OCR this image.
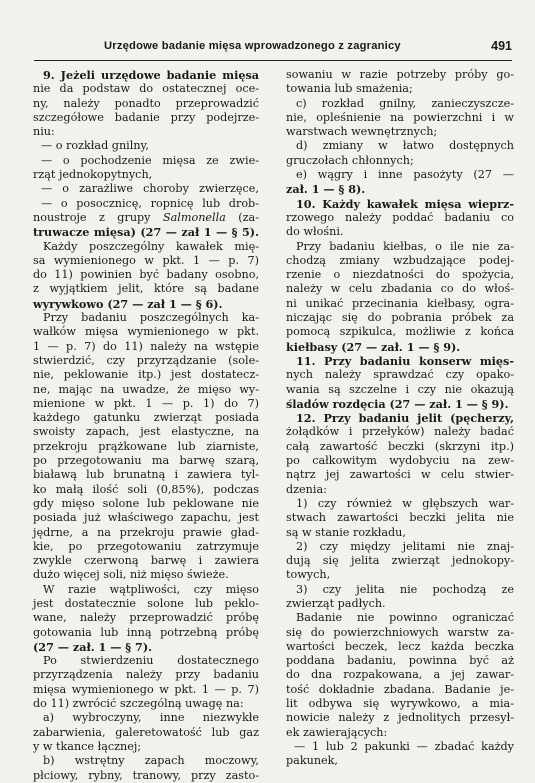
Urzędowe badanie mięsa wprowadzonego z zagranicy	491
9. Jeżeli urzędowe badanie mięsa
nie da podstaw do ostatecznej oce-
ny, należy ponadto przeprowadzić
szczegółowe badanie przy podejrze-
niu:
— o rozkład gnilny,
— o pochodzenie mięsa ze zwie-
rząt jednokopytnych,
— o zarażliwe choroby zwierzęce,
— o posocznicę, ropnicę lub drob-
noustroje z grupy Salmonella (za-
truwacze mięsa) (27 — zał 1 — § 5).
Każdy poszczególny kawałek mię-
sa wymienionego w pkt. 1 — p. 7)
do 11) powinien być badany osobno,
z wyjątkiem jelit, które są badane
wyrywkowo (27 — zał 1 — § 6).
Przy badaniu poszczególnych ka-
wałków mięsa wymienionego w pkt.
1 — p. 7) do 11) należy na wstępie
stwierdzić, czy przyrządzanie (sole-
nie, peklowanie itp.) jest dostatecz-
ne, mając na uwadze, że mięso wy-
mienione w pkt. 1 — p. 1) do 7)
każdego gatunku zwierząt posiada
swoisty zapach, jest elastyczne, na
przekroju prążkowane lub ziarniste,
po przegotowaniu ma barwę szarą,
białawą lub brunatną i zawiera tyl-
ko małą ilość soli (0,85%), podczas
gdy mięso solone lub peklowane nie
posiada już właściwego zapachu, jest
jędrne, a na przekroju prawie gład-
kie, po przegotowaniu zatrzymuje
zwykle czerwoną barwę i zawiera
dużo więcej soli, niż mięso świeże.
W razie wątpliwości, czy mięso
jest dostatecznie solone lub peklo-
wane, należy przeprowadzić próbę
gotowania lub inną potrzebną próbę
(27 — zał. 1 — § 7).
Po stwierdzeniu dostatecznego
przyrządzenia należy przy badaniu
mięsa wymienionego w pkt. 1 — p. 7)
do 11) zwrócić szczególną uwagę na:
a) wybroczyny, inne niezwykłe
zabarwienia, galeretowatość lub gaz
y w tkance łącznej;
b) wstrętny zapach moczowy,
płciowy, rybny, tranowy, przy zasto-
sowaniu w razie potrzeby próby go-
towania lub smażenia;
c) rozkład gnilny, zanieczyszcze-
nie, opleśnienie na powierzchni i w
warstwach wewnętrznych;
d) zmiany w łatwo dostępnych
gruczołach chłonnych;
e) wągry i inne pasożyty (27 —
zał. 1 — § 8).
10. Każdy kawałek mięsa wieprz-
rzowego należy poddać badaniu co
do włośni.
Przy badaniu kiełbas, o ile nie za-
chodzą zmiany wzbudzające podej-
rzenie o niezdatności do spożycia,
należy w celu zbadania co do włoś-
ni unikać przecinania kiełbasy, ogra-
niczając się do pobrania próbek za
pomocą szpikulca, możliwie z końca
kiełbasy (27 — zał. 1 — § 9).
11. Przy badaniu konserw mięs-
nych należy sprawdzać czy opako-
wania są szczelne i czy nie okazują
śladów rozdęcia (27 — zał. 1 — § 9).
12. Przy badaniu jelit (pęcherzy,
żołądków i przełyków) należy badać
całą zawartość beczki (skrzyni itp.)
po całkowitym wydobyciu na zew-
nątrz jej zawartości w celu stwier-
dzenia:
1) czy również w głębszych war-
stwach zawartości beczki jelita nie
są w stanie rozkładu,
2) czy między jelitami nie znaj-
dują się jelita zwierząt jednokopy-
towych,
3) czy jelita nie pochodzą ze
zwierząt padłych.
Badanie nie powinno ograniczać
się do powierzchniowych warstw za-
wartości beczek, lecz każda beczka
poddana badaniu, powinna być aż
do dna rozpakowana, a jej zawar-
tość dokładnie zbadana. Badanie je-
lit odbywa się wyrywkowo, a mia-
nowicie należy z jednolitych przesył-
ek zawierających:
— 1 lub 2 pakunki — zbadać każdy
pakunek,
